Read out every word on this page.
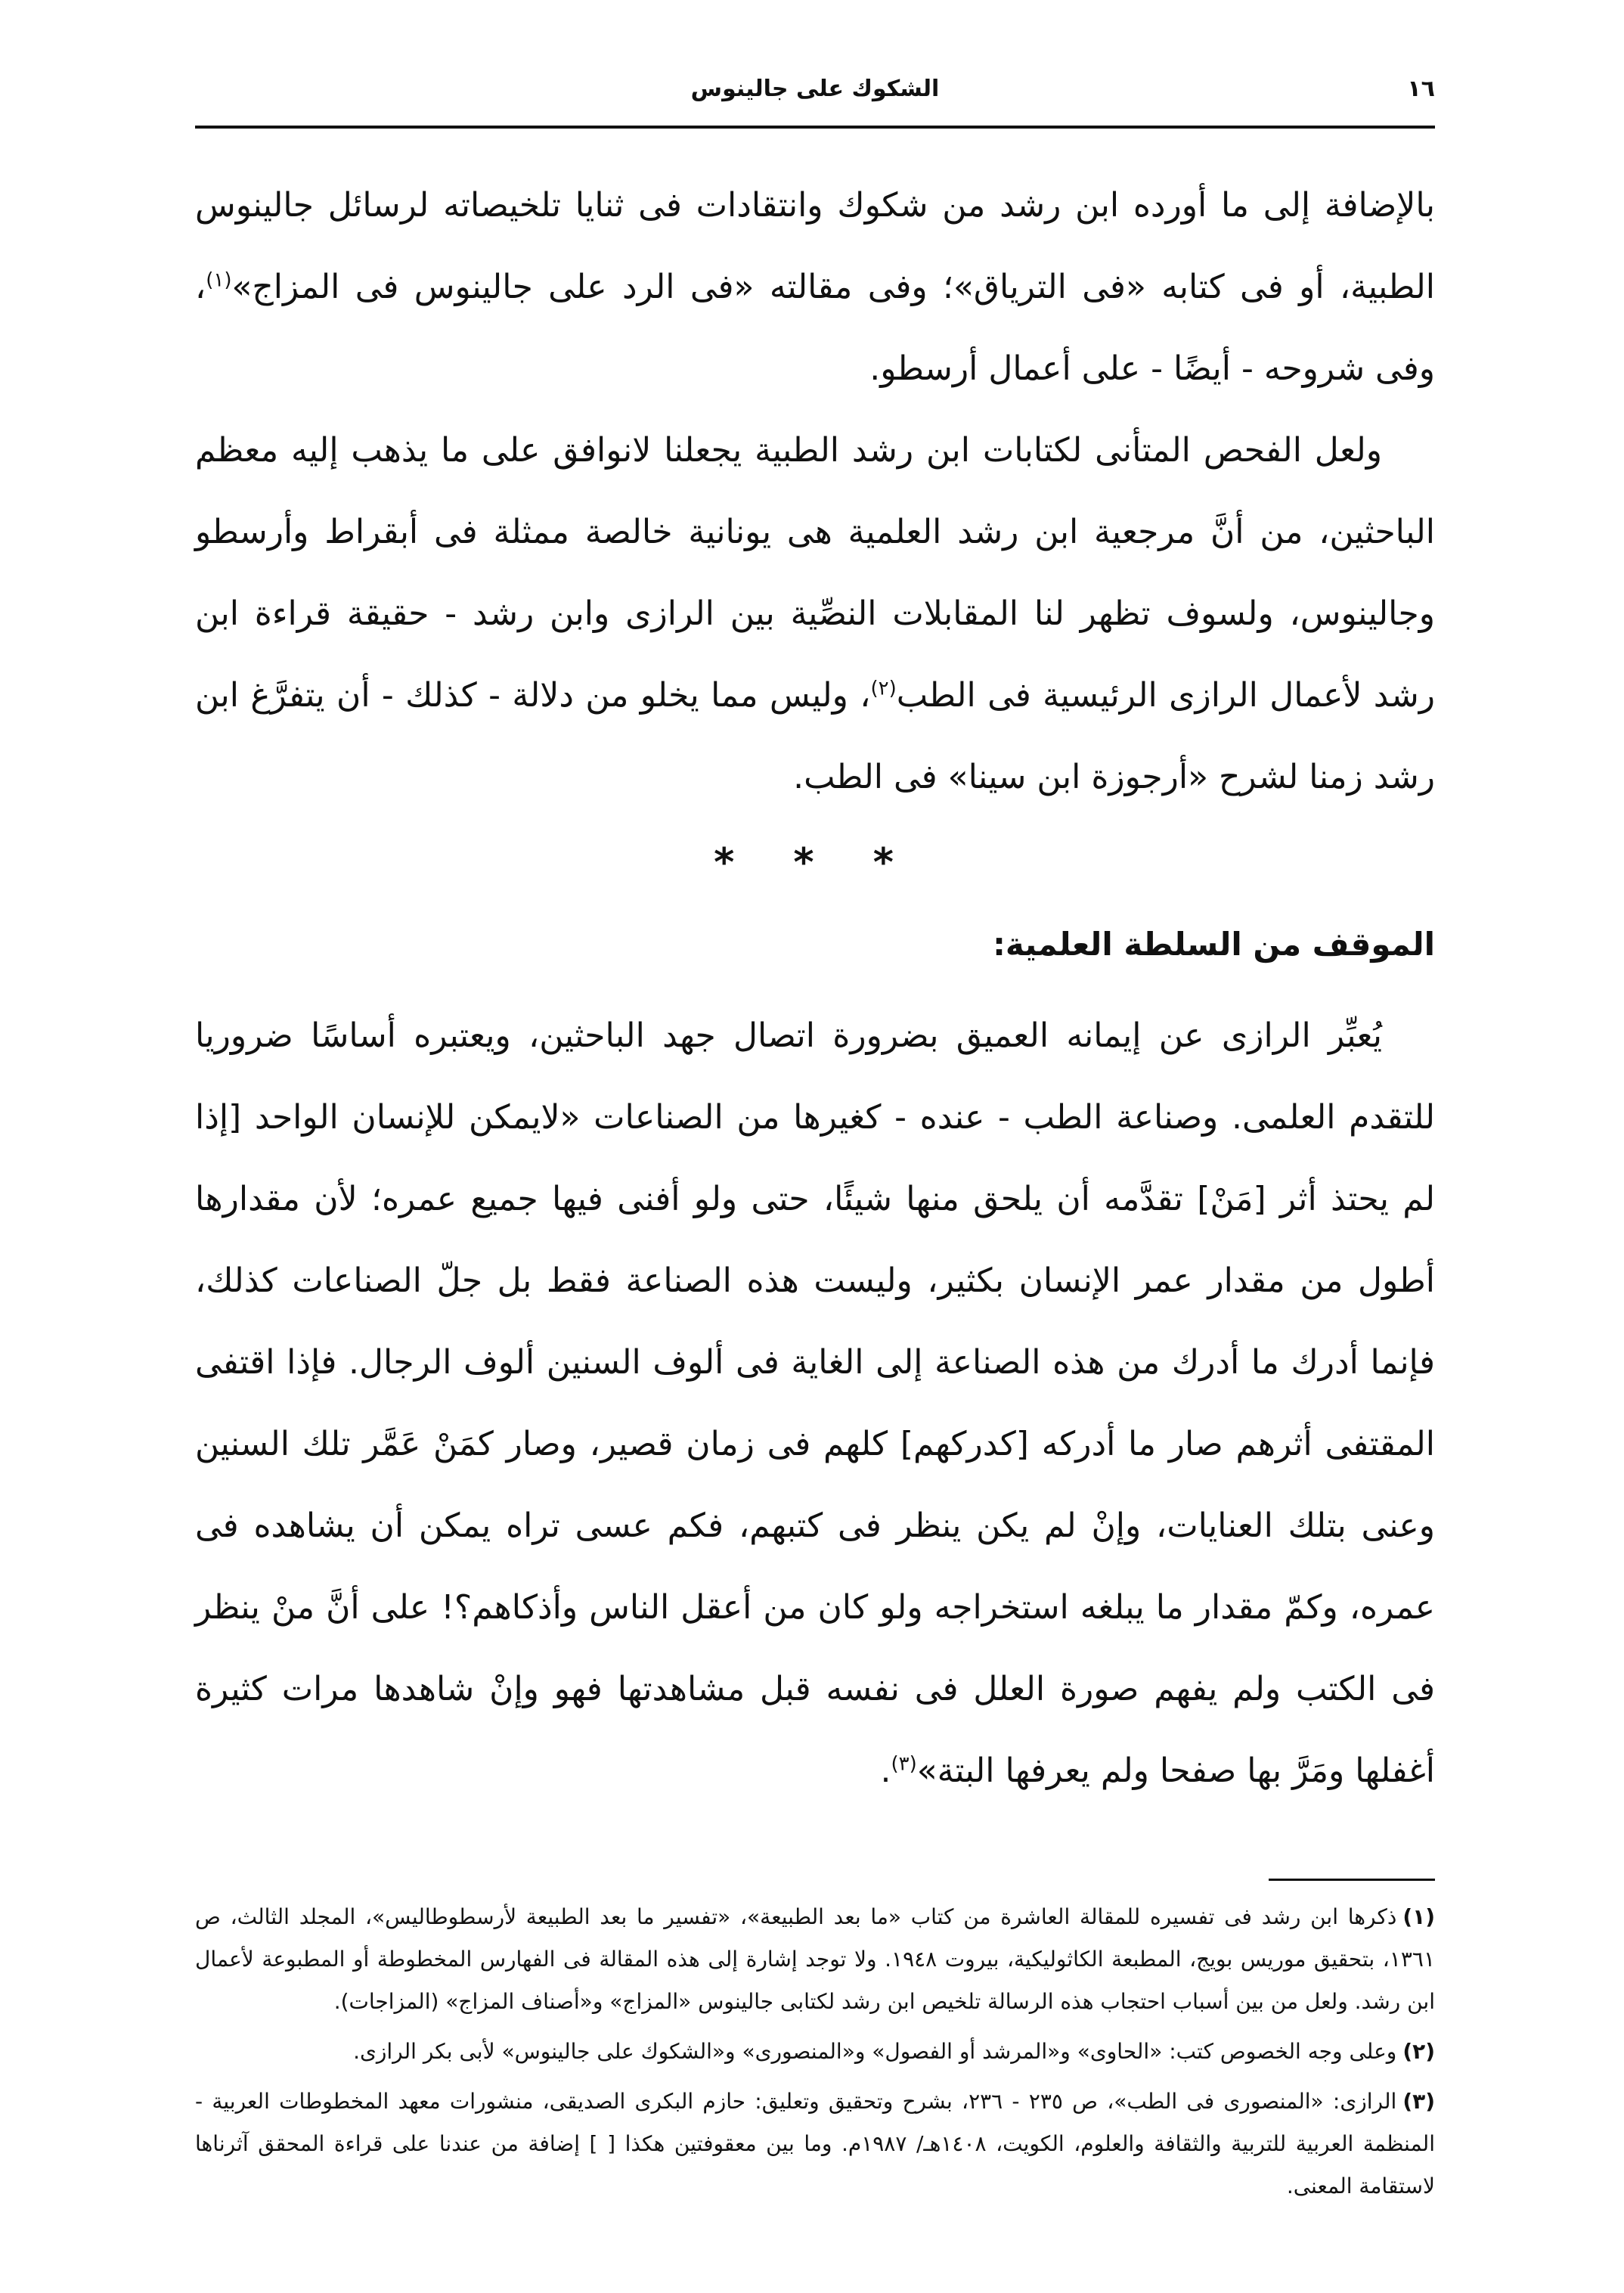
١٦
الشكوك على جالينوس

بالإضافة إلى ما أورده ابن رشد من شكوك وانتقادات فى ثنايا تلخيصاته لرسائل جالينوس الطبية، أو فى كتابه «فى الترياق»؛ وفى مقالته «فى الرد على جالينوس فى المزاج»$^{(١)}$، وفى شروحه - أيضًا - على أعمال أرسطو.

ولعل الفحص المتأنى لكتابات ابن رشد الطبية يجعلنا لانوافق على ما يذهب إليه معظم الباحثين، من أنَّ مرجعية ابن رشد العلمية هى يونانية خالصة ممثلة فى أبقراط وأرسطو وجالينوس، ولسوف تظهر لنا المقابلات النصِّية بين الرازى وابن رشد - حقيقة قراءة ابن رشد لأعمال الرازى الرئيسية فى الطب$^{(٢)}$، وليس مما يخلو من دلالة - كذلك - أن يتفرَّغ ابن رشد زمنا لشرح «أرجوزة ابن سينا» فى الطب.

* * *
الموقف من السلطة العلمية:

يُعبِّر الرازى عن إيمانه العميق بضرورة اتصال جهد الباحثين، ويعتبره أساسًا ضروريا للتقدم العلمى. وصناعة الطب - عنده - كغيرها من الصناعات «لايمكن للإنسان الواحد [إذا لم يحتذ أثر [مَنْ] تقدَّمه أن يلحق منها شيئًا، حتى ولو أفنى فيها جميع عمره؛ لأن مقدارها أطول من مقدار عمر الإنسان بكثير، وليست هذه الصناعة فقط بل جلّ الصناعات كذلك، فإنما أدرك ما أدرك من هذه الصناعة إلى الغاية فى ألوف السنين ألوف الرجال. فإذا اقتفى المقتفى أثرهم صار ما أدركه [كدركهم] كلهم فى زمان قصير، وصار كمَنْ عَمَّر تلك السنين وعنى بتلك العنايات، وإنْ لم يكن ينظر فى كتبهم، فكم عسى تراه يمكن أن يشاهده فى عمره، وكمّ مقدار ما يبلغه استخراجه ولو كان من أعقل الناس وأذكاهم؟! على أنَّ منْ ينظر فى الكتب ولم يفهم صورة العلل فى نفسه قبل مشاهدتها فهو وإنْ شاهدها مرات كثيرة أغفلها ومَرَّ بها صفحا ولم يعرفها البتة»$^{(٣)}$.

(١)ذكرها ابن رشد فى تفسيره للمقالة العاشرة من كتاب «ما بعد الطبيعة»، «تفسير ما بعد الطبيعة لأرسطوطاليس»، المجلد الثالث، ص ١٣٦١، بتحقيق موريس بويج، المطبعة الكاثوليكية، بيروت ١٩٤٨. ولا توجد إشارة إلى هذه المقالة فى الفهارس المخطوطة أو المطبوعة لأعمال ابن رشد. ولعل من بين أسباب احتجاب هذه الرسالة تلخيص ابن رشد لكتابى جالينوس «المزاج» و«أصناف المزاج» (المزاجات).

(٢)وعلى وجه الخصوص كتب: «الحاوى» و«المرشد أو الفصول» و«المنصورى» و«الشكوك على جالينوس» لأبى بكر الرازى.

(٣)الرازى: «المنصورى فى الطب»، ص ٢٣٥ - ٢٣٦، بشرح وتحقيق وتعليق: حازم البكرى الصديقى، منشورات معهد المخطوطات العربية - المنظمة العربية للتربية والثقافة والعلوم، الكويت، ١٤٠٨هـ/ ١٩٨٧م. وما بين معقوفتين هكذا [ ] إضافة من عندنا على قراءة المحقق آثرناها لاستقامة المعنى.
